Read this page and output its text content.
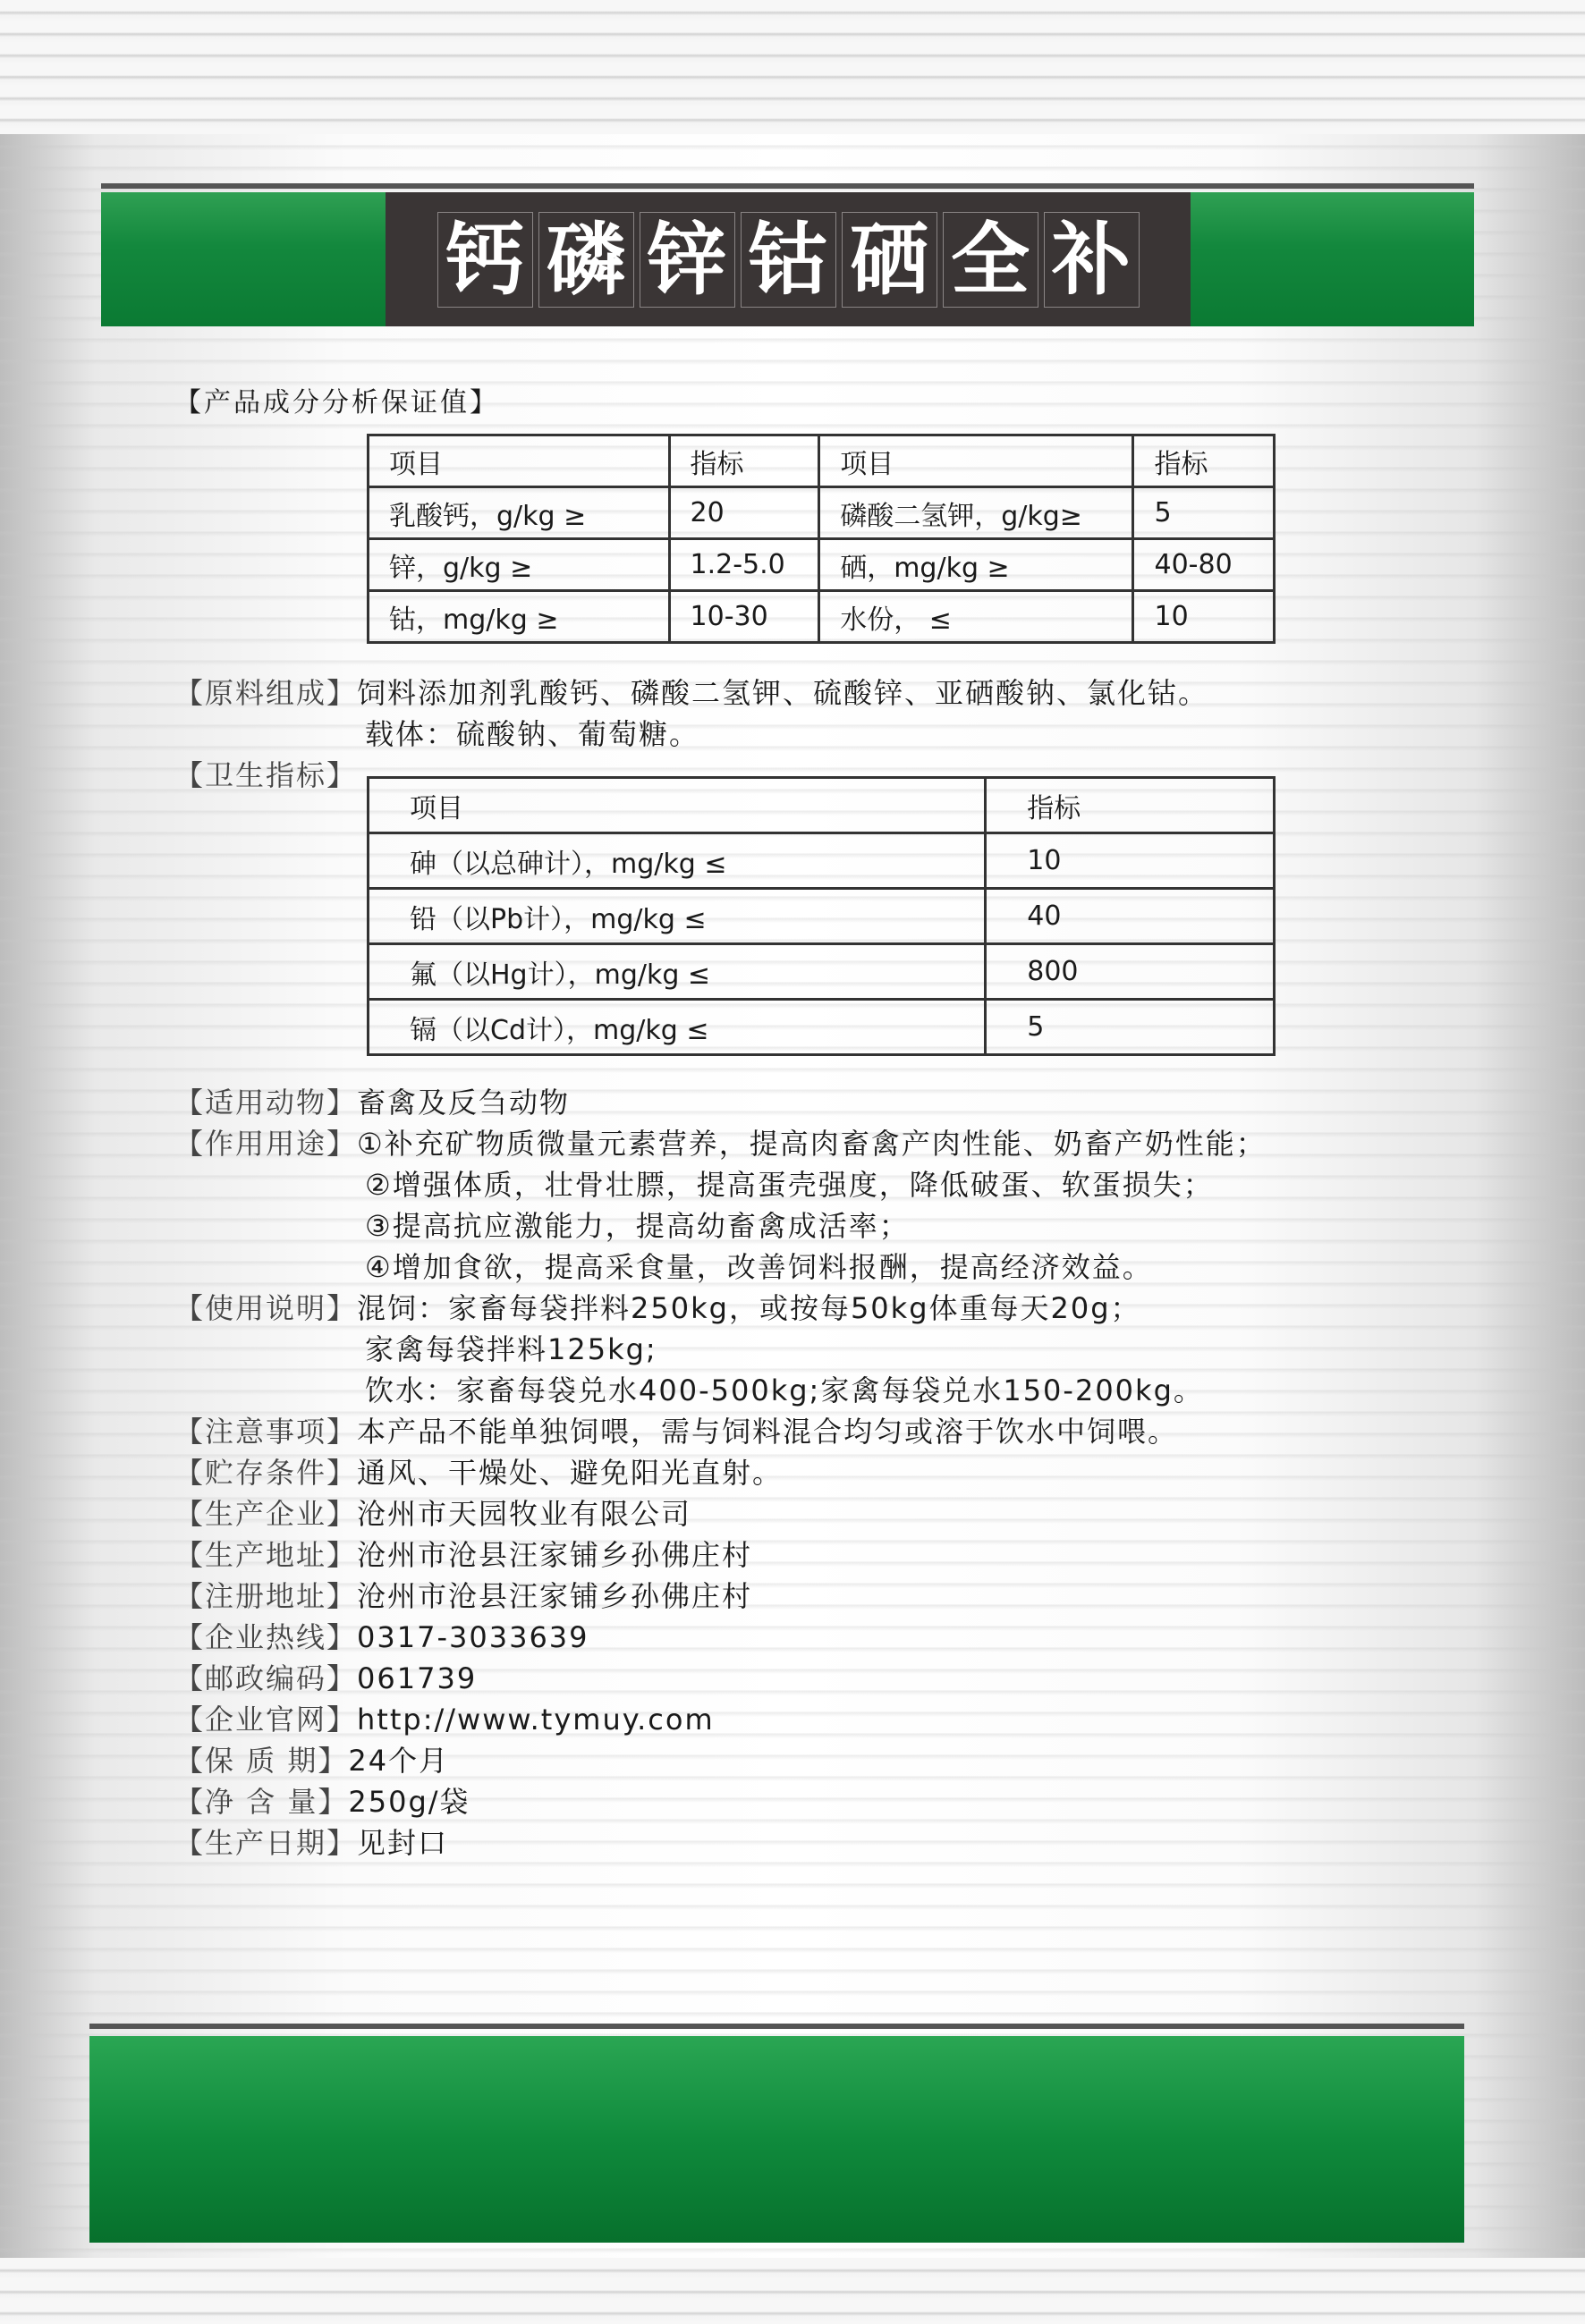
钙 磷 锌 钴 硒 全 补
【产品成分分析保证值】
项目	指标	项目	指标
乳酸钙，g/kg ≥	20	磷酸二氢钾，g/kg≥	5
锌，g/kg ≥	1.2-5.0	硒，mg/kg ≥	40-80
钴，mg/kg ≥	10-30	水份， ≤	10
【原料组成】饲料添加剂乳酸钙、磷酸二氢钾、硫酸锌、亚硒酸钠、氯化钴。
载体：硫酸钠、葡萄糖。
【卫生指标】
项目	指标
砷（以总砷计），mg/kg ≤	10
铅（以Pb计），mg/kg ≤	40
氟（以Hg计），mg/kg ≤	800
镉（以Cd计），mg/kg ≤	5
【适用动物】畜禽及反刍动物
【作用用途】①补充矿物质微量元素营养，提高肉畜禽产肉性能、奶畜产奶性能；
②增强体质，壮骨壮膘，提高蛋壳强度，降低破蛋、软蛋损失；
③提高抗应激能力，提高幼畜禽成活率；
④增加食欲，提高采食量，改善饲料报酬，提高经济效益。
【使用说明】混饲：家畜每袋拌料250kg，或按每50kg体重每天20g；
家禽每袋拌料125kg;
饮水：家畜每袋兑水400-500kg;家禽每袋兑水150-200kg。
【注意事项】本产品不能单独饲喂，需与饲料混合均匀或溶于饮水中饲喂。
【贮存条件】通风、干燥处、避免阳光直射。
【生产企业】沧州市天园牧业有限公司
【生产地址】沧州市沧县汪家铺乡孙佛庄村
【注册地址】沧州市沧县汪家铺乡孙佛庄村
【企业热线】0317-3033639
【邮政编码】061739
【企业官网】http://www.tymuy.com
【保 质 期】24个月
【净 含 量】250g/袋
【生产日期】见封口
